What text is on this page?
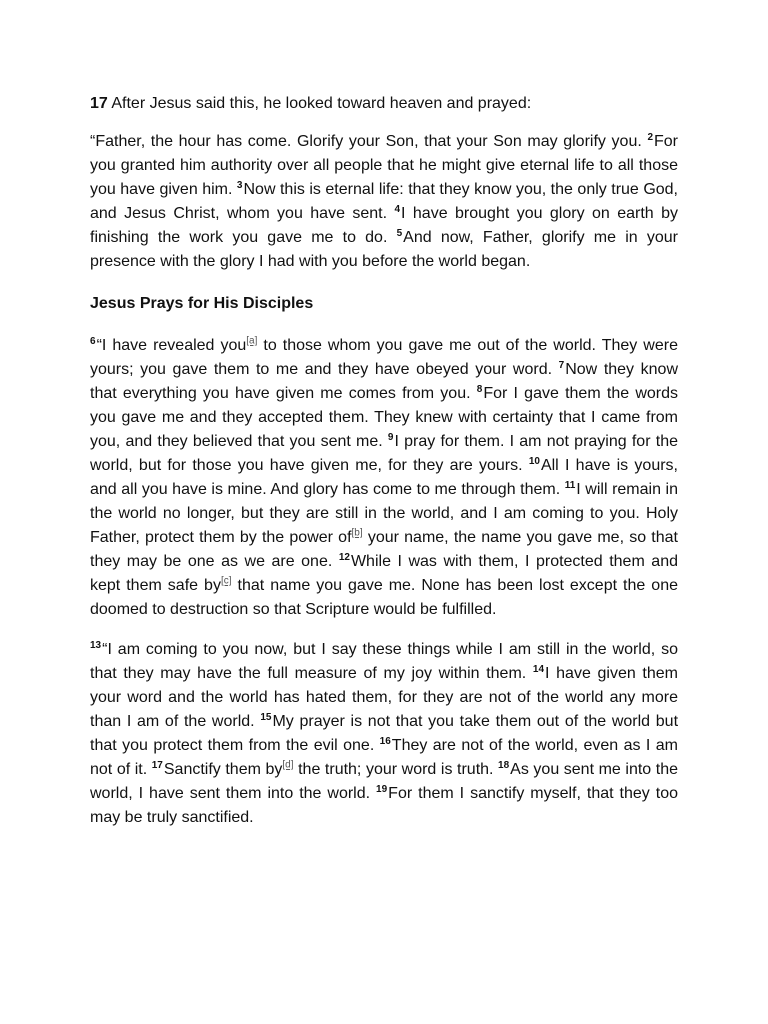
17 After Jesus said this, he looked toward heaven and prayed:

“Father, the hour has come. Glorify your Son, that your Son may glorify you. $^2$For you granted him authority over all people that he might give eternal life to all those you have given him. $^3$Now this is eternal life: that they know you, the only true God, and Jesus Christ, whom you have sent. $^4$I have brought you glory on earth by finishing the work you gave me to do. $^5$And now, Father, glorify me in your presence with the glory I had with you before the world began.

Jesus Prays for His Disciples

$^6$“I have revealed you[a] to those whom you gave me out of the world. They were yours; you gave them to me and they have obeyed your word. $^7$Now they know that everything you have given me comes from you. $^8$For I gave them the words you gave me and they accepted them. They knew with certainty that I came from you, and they believed that you sent me. $^9$I pray for them. I am not praying for the world, but for those you have given me, for they are yours. $^{10}$All I have is yours, and all you have is mine. And glory has come to me through them. $^{11}$I will remain in the world no longer, but they are still in the world, and I am coming to you. Holy Father, protect them by the power of[b] your name, the name you gave me, so that they may be one as we are one. $^{12}$While I was with them, I protected them and kept them safe by[c] that name you gave me. None has been lost except the one doomed to destruction so that Scripture would be fulfilled.

$^{13}$“I am coming to you now, but I say these things while I am still in the world, so that they may have the full measure of my joy within them. $^{14}$I have given them your word and the world has hated them, for they are not of the world any more than I am of the world. $^{15}$My prayer is not that you take them out of the world but that you protect them from the evil one. $^{16}$They are not of the world, even as I am not of it. $^{17}$Sanctify them by[d] the truth; your word is truth. $^{18}$As you sent me into the world, I have sent them into the world. $^{19}$For them I sanctify myself, that they too may be truly sanctified.
